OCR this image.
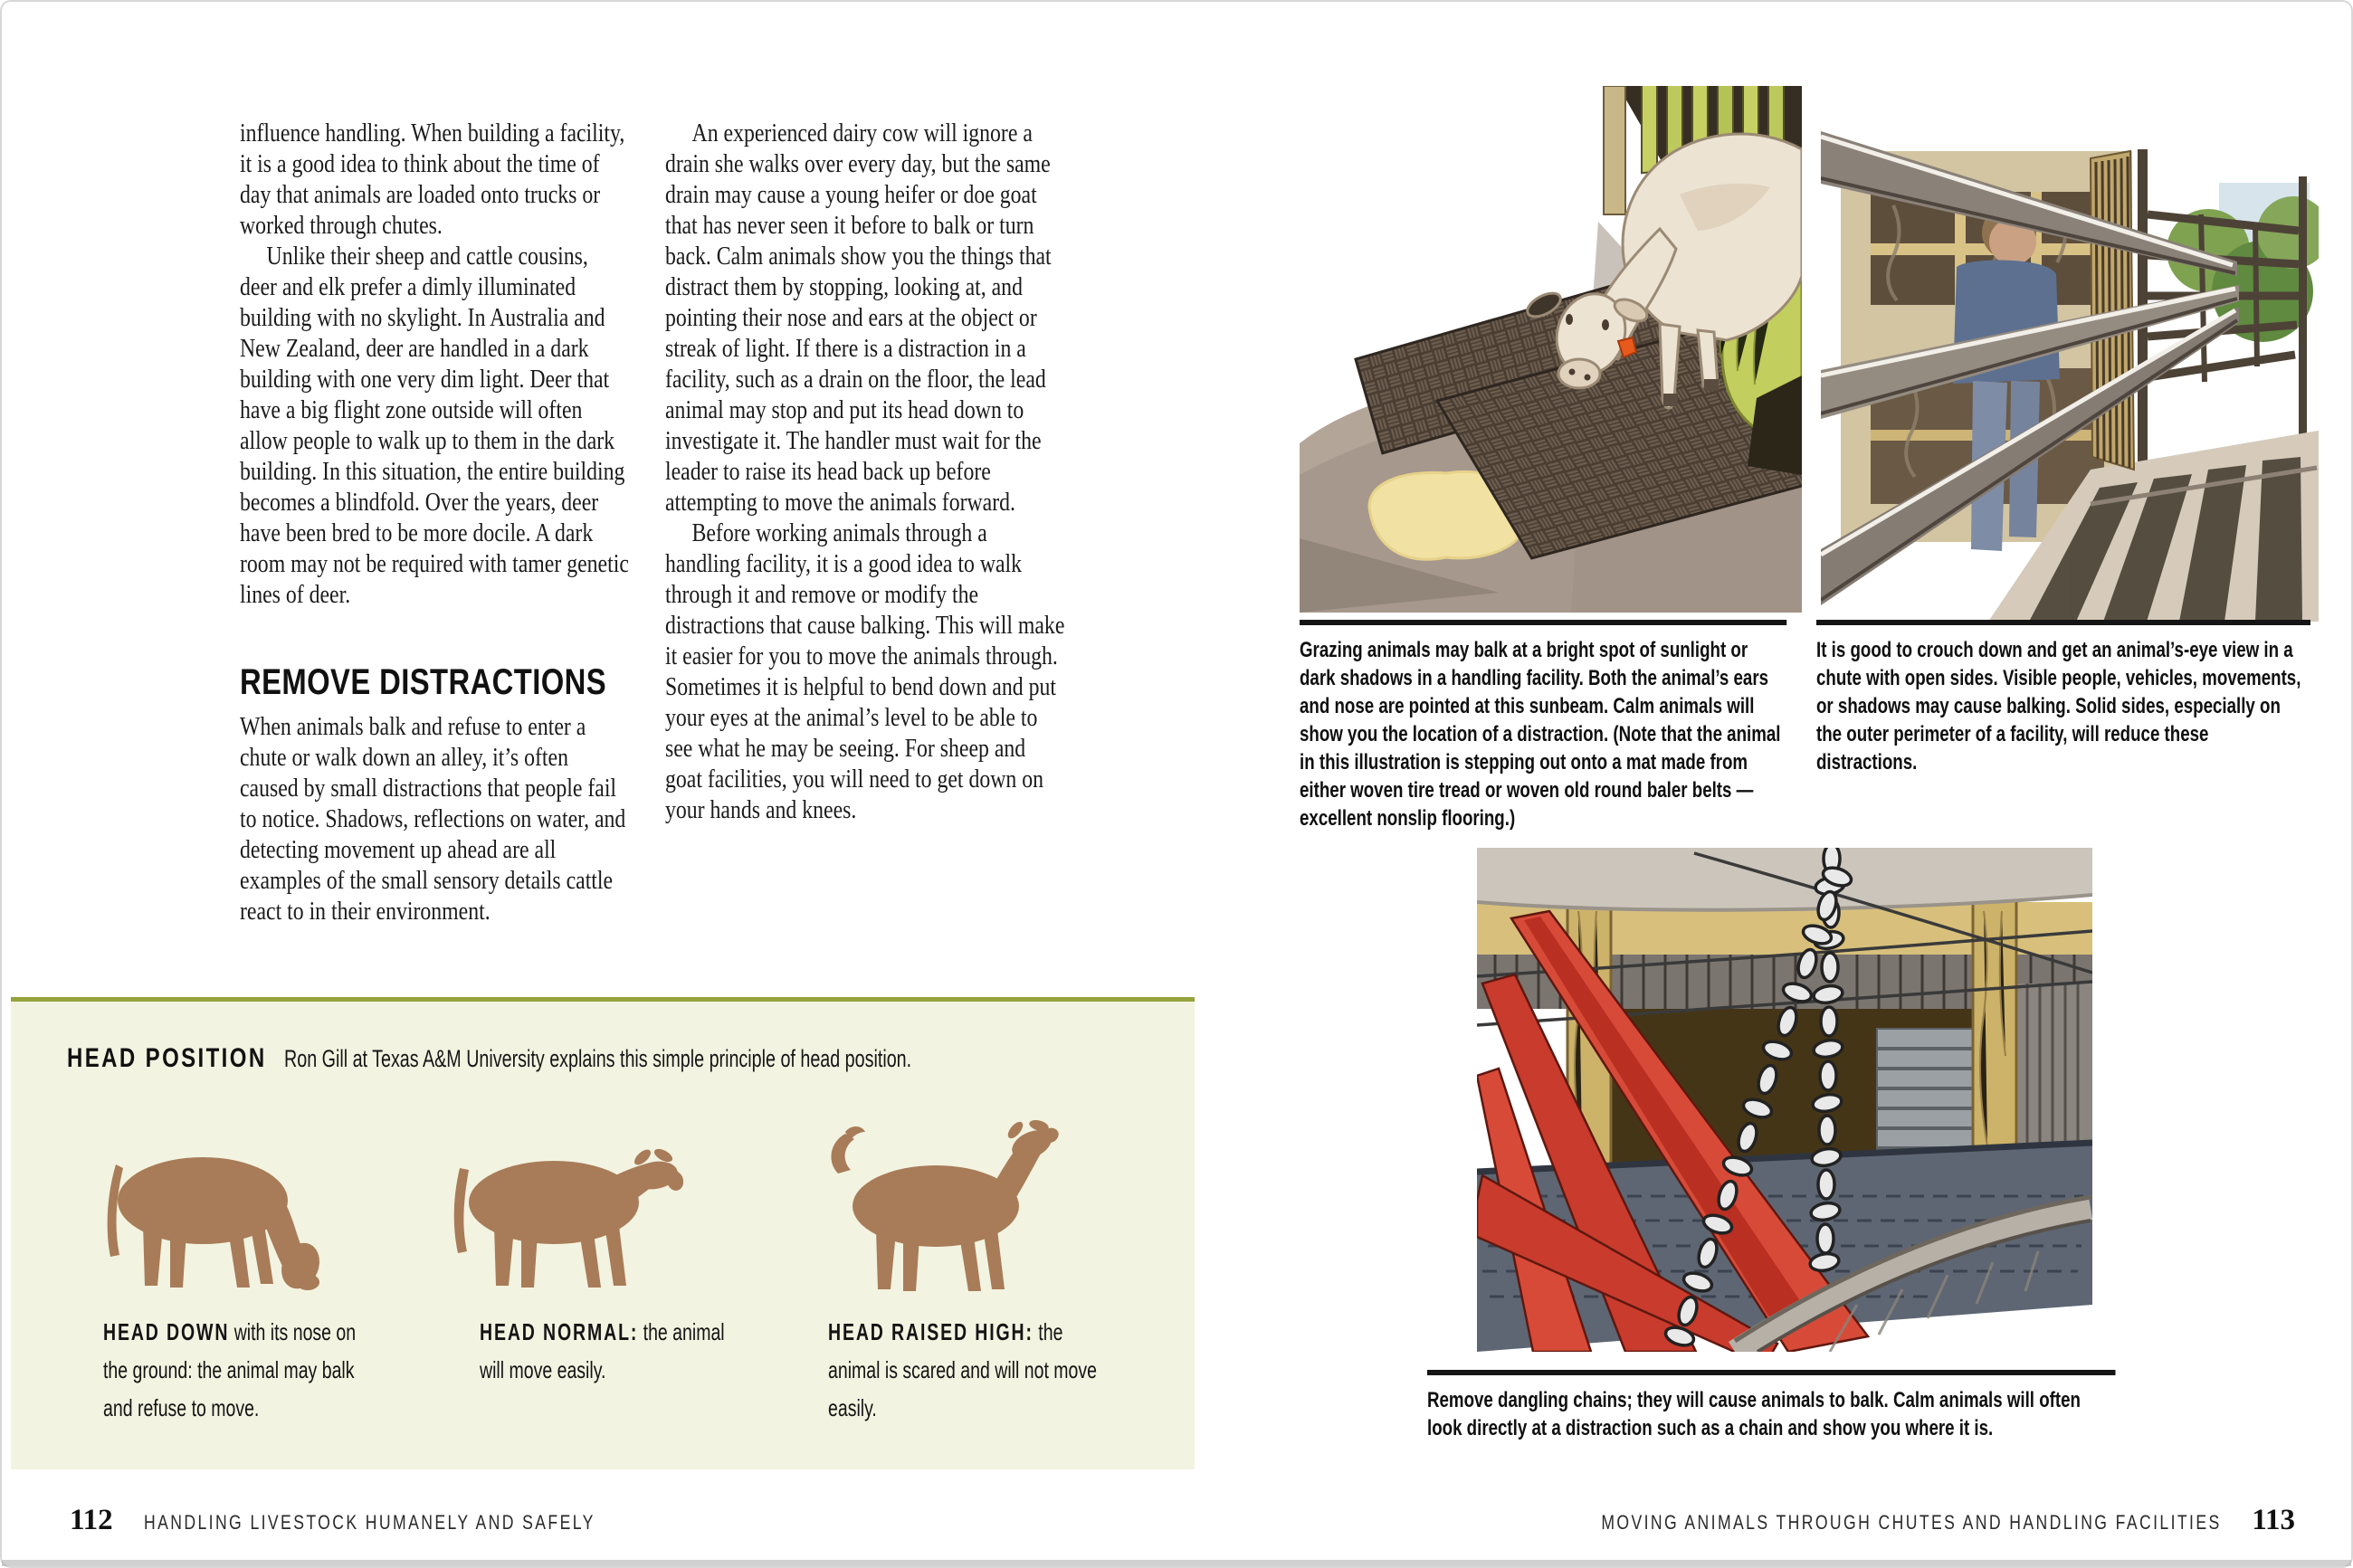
influence handling. When building a facility, it is a good idea to think about the time of day that animals are loaded onto trucks or worked through chutes.

Unlike their sheep and cattle cousins, deer and elk prefer a dimly illuminated building with no skylight. In Australia and New Zealand, deer are handled in a dark building with one very dim light. Deer that have a big flight zone outside will often allow people to walk up to them in the dark building. In this situation, the entire building becomes a blindfold. Over the years, deer have been bred to be more docile. A dark room may not be required with tamer genetic lines of deer.

REMOVE DISTRACTIONS

When animals balk and refuse to enter a chute or walk down an alley, it’s often caused by small distractions that people fail to notice. Shadows, reflections on water, and detecting movement up ahead are all examples of the small sensory details cattle react to in their environment.

An experienced dairy cow will ignore a drain she walks over every day, but the same drain may cause a young heifer or doe goat that has never seen it before to balk or turn back. Calm animals show you the things that distract them by stopping, looking at, and pointing their nose and ears at the object or streak of light. If there is a distraction in a facility, such as a drain on the floor, the lead animal may stop and put its head down to investigate it. The handler must wait for the leader to raise its head back up before attempting to move the animals forward.

Before working animals through a handling facility, it is a good idea to walk through it and remove or modify the distractions that cause balking. This will make it easier for you to move the animals through. Sometimes it is helpful to bend down and put your eyes at the animal’s level to be able to see what he may be seeing. For sheep and goat facilities, you will need to get down on your hands and knees.

HEAD POSITION Ron Gill at Texas A&M University explains this simple principle of head position.
HEAD DOWN with its nose on the ground: the animal may balk and refuse to move.
HEAD NORMAL: the animal will move easily.
HEAD RAISED HIGH: the animal is scared and will not move easily.
Grazing animals may balk at a bright spot of sunlight or dark shadows in a handling facility. Both the animal’s ears and nose are pointed at this sunbeam. Calm animals will show you the location of a distraction. (Note that the animal in this illustration is stepping out onto a mat made from either woven tire tread or woven old round baler belts — excellent nonslip flooring.)
It is good to crouch down and get an animal’s-eye view in a chute with open sides. Visible people, vehicles, movements, or shadows may cause balking. Solid sides, especially on the outer perimeter of a facility, will reduce these distractions.
Remove dangling chains; they will cause animals to balk. Calm animals will often look directly at a distraction such as a chain and show you where it is.
112 HANDLING LIVESTOCK HUMANELY AND SAFELY	MOVING ANIMALS THROUGH CHUTES AND HANDLING FACILITIES 113
